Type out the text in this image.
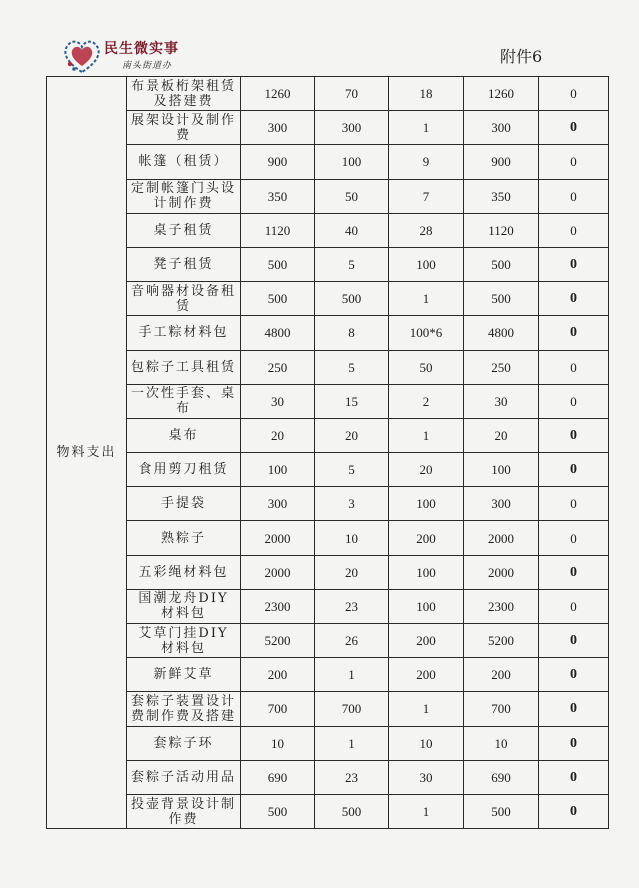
民生微实事
南头街道办	附件6
物料支出	布景板桁架租赁及搭建费	1260	70	18	1260	0
	展架设计及制作费	300	300	1	300	0
	帐篷（租赁）	900	100	9	900	0
	定制帐篷门头设计制作费	350	50	7	350	0
	桌子租赁	1120	40	28	1120	0
	凳子租赁	500	5	100	500	0
	音响器材设备租赁	500	500	1	500	0
	手工粽材料包	4800	8	100*6	4800	0
	包粽子工具租赁	250	5	50	250	0
	一次性手套、桌布	30	15	2	30	0
	桌布	20	20	1	20	0
	食用剪刀租赁	100	5	20	100	0
	手提袋	300	3	100	300	0
	熟粽子	2000	10	200	2000	0
	五彩绳材料包	2000	20	100	2000	0
	国潮龙舟DIY材料包	2300	23	100	2300	0
	艾草门挂DIY材料包	5200	26	200	5200	0
	新鲜艾草	200	1	200	200	0
	套粽子装置设计费制作费及搭建	700	700	1	700	0
	套粽子环	10	1	10	10	0
	套粽子活动用品	690	23	30	690	0
	投壶背景设计制作费	500	500	1	500	0
